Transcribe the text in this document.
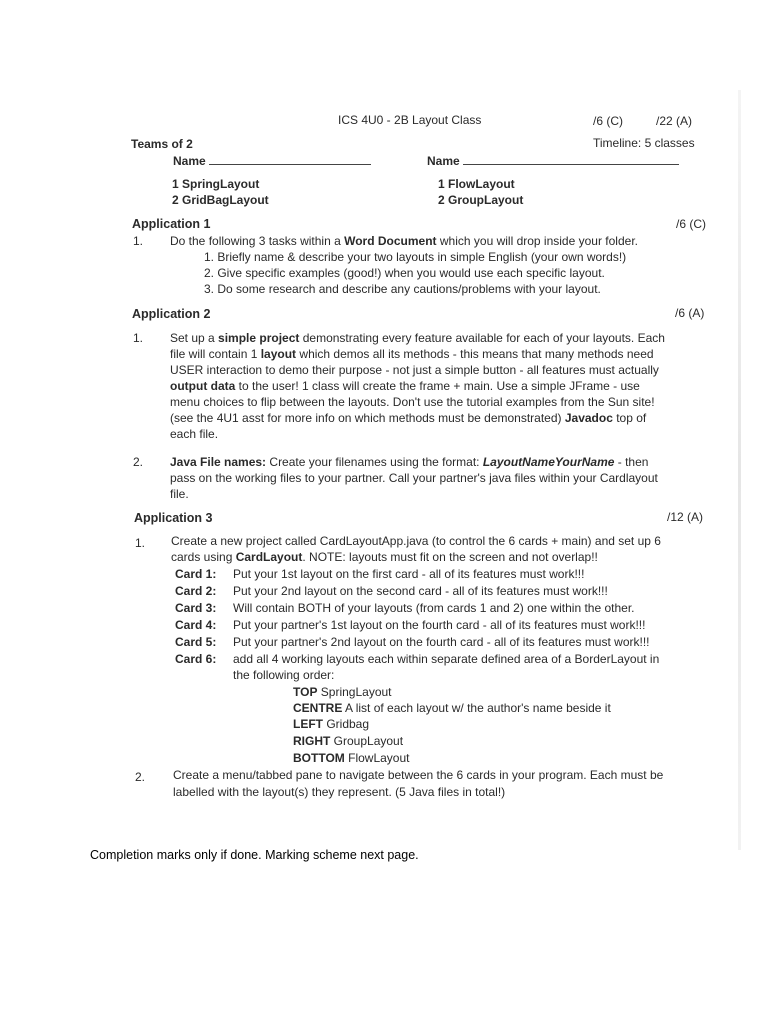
ICS 4U0 - 2B Layout Class	/6 (C)	/22 (A)
Teams of 2	Timeline: 5 classes
Name	Name
1 SpringLayout
2 GridBagLayout
1 FlowLayout
2 GroupLayout
Application 1	/6 (C)
1. Do the following 3 tasks within a Word Document which you will drop inside your folder.
1. Briefly name & describe your two layouts in simple English (your own words!)
2. Give specific examples (good!) when you would use each specific layout.
3. Do some research and describe any cautions/problems with your layout.
Application 2	/6 (A)
1. Set up a simple project demonstrating every feature available for each of your layouts. Each
file will contain 1 layout which demos all its methods - this means that many methods need
USER interaction to demo their purpose - not just a simple button - all features must actually
output data to the user! 1 class will create the frame + main. Use a simple JFrame - use
menu choices to flip between the layouts. Don't use the tutorial examples from the Sun site!
(see the 4U1 asst for more info on which methods must be demonstrated) Javadoc top of
each file.
2. Java File names: Create your filenames using the format: LayoutNameYourName - then
pass on the working files to your partner. Call your partner's java files within your Cardlayout
file.
Application 3	/12 (A)
1. Create a new project called CardLayoutApp.java (to control the 6 cards + main) and set up 6
cards using CardLayout. NOTE: layouts must fit on the screen and not overlap!!
Card 1: Put your 1st layout on the first card - all of its features must work!!!
Card 2: Put your 2nd layout on the second card - all of its features must work!!!
Card 3: Will contain BOTH of your layouts (from cards 1 and 2) one within the other.
Card 4: Put your partner's 1st layout on the fourth card - all of its features must work!!!
Card 5: Put your partner's 2nd layout on the fourth card - all of its features must work!!!
Card 6: add all 4 working layouts each within separate defined area of a BorderLayout in
the following order:
TOP SpringLayout
CENTRE A list of each layout w/ the author's name beside it
LEFT Gridbag
RIGHT GroupLayout
BOTTOM FlowLayout
2. Create a menu/tabbed pane to navigate between the 6 cards in your program. Each must be
labelled with the layout(s) they represent. (5 Java files in total!)
Completion marks only if done. Marking scheme next page.
